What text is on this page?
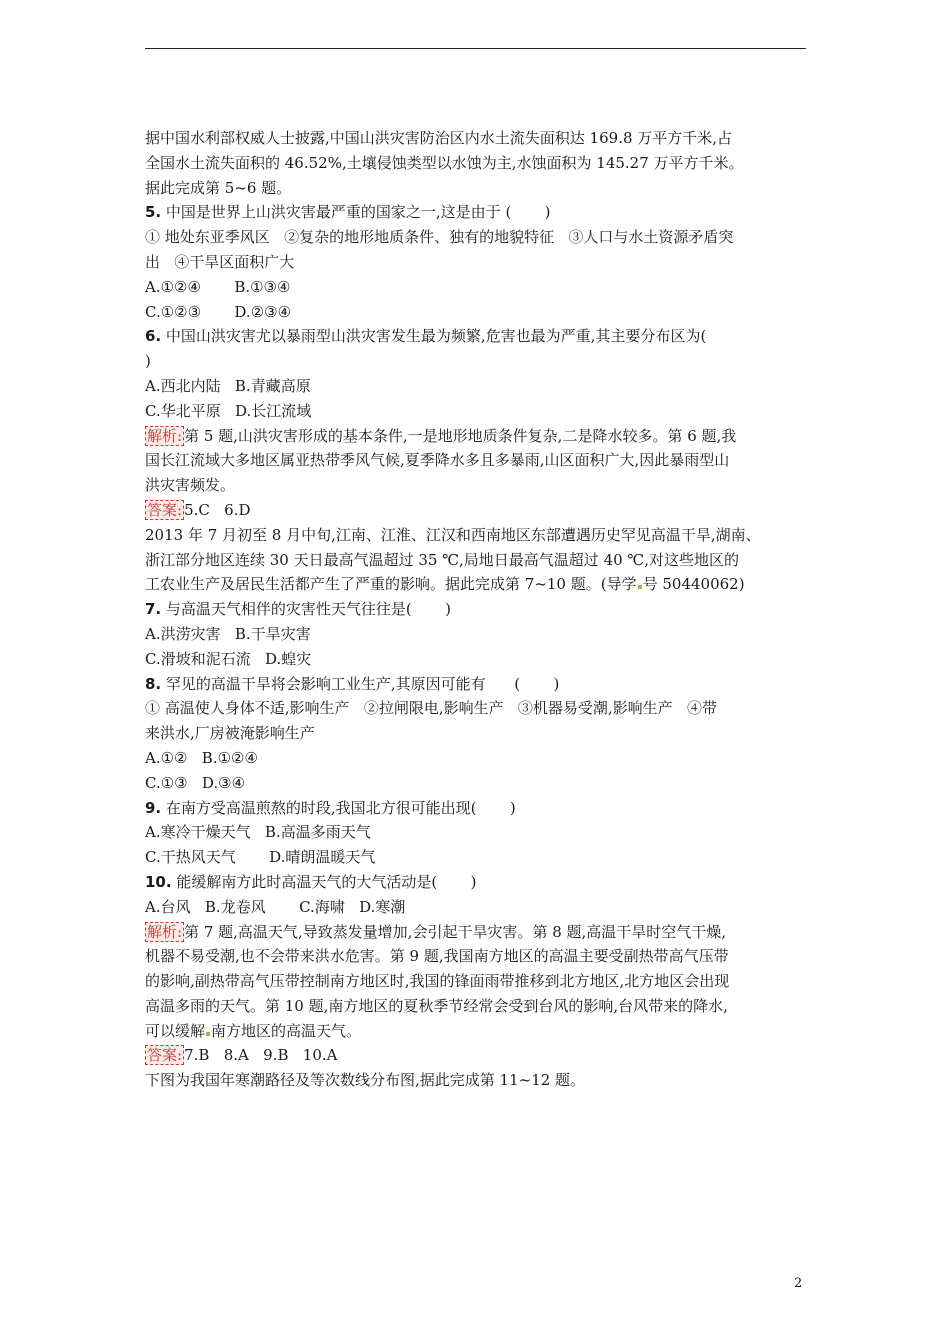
据中国水利部权威人士披露,中国山洪灾害防治区内水土流失面积达 169.8 万平方千米,占
全国水土流失面积的 46.52%,土壤侵蚀类型以水蚀为主,水蚀面积为 145.27 万平方千米。
据此完成第 5~6 题。
5. 中国是世界上山洪灾害最严重的国家之一,这是由于 (       )
① 地处东亚季风区   ②复杂的地形地质条件、独有的地貌特征   ③人口与水土资源矛盾突
出   ④干旱区面积广大
A.①②④       B.①③④
C.①②③       D.②③④
6. 中国山洪灾害尤以暴雨型山洪灾害发生最为频繁,危害也最为严重,其主要分布区为(
)
A.西北内陆   B.青藏高原
C.华北平原   D.长江流域
解析: 第 5 题,山洪灾害形成的基本条件,一是地形地质条件复杂,二是降水较多。第 6 题,我
国长江流域大多地区属亚热带季风气候,夏季降水多且多暴雨,山区面积广大,因此暴雨型山
洪灾害频发。
答案: 5.C   6.D
2013 年 7 月初至 8 月中旬,江南、江淮、江汉和西南地区东部遭遇历史罕见高温干旱,湖南、
浙江部分地区连续 30 天日最高气温超过 35 ℃,局地日最高气温超过 40 ℃,对这些地区的
工农业生产及居民生活都产生了严重的影响。据此完成第 7~10 题。(导学 号 50440062)
7. 与高温天气相伴的灾害性天气往往是(       )
A.洪涝灾害   B.干旱灾害
C.滑坡和泥石流   D.蝗灾
8. 罕见的高温干旱将会影响工业生产,其原因可能有      (       )
① 高温使人身体不适,影响生产   ②拉闸限电,影响生产   ③机器易受潮,影响生产   ④带
来洪水,厂房被淹影响生产
A.①②   B.①②④
C.①③   D.③④
9. 在南方受高温煎熬的时段,我国北方很可能出现(       )
A.寒冷干燥天气   B.高温多雨天气
C.干热风天气       D.晴朗温暖天气
10. 能缓解南方此时高温天气的大气活动是(       )
A.台风   B.龙卷风       C.海啸   D.寒潮
解析: 第 7 题,高温天气,导致蒸发量增加,会引起干旱灾害。第 8 题,高温干旱时空气干燥,
机器不易受潮,也不会带来洪水危害。第 9 题,我国南方地区的高温主要受副热带高气压带
的影响,副热带高气压带控制南方地区时,我国的锋面雨带推移到北方地区,北方地区会出现
高温多雨的天气。第 10 题,南方地区的夏秋季节经常会受到台风的影响,台风带来的降水,
可以缓解 南方地区的高温天气。
答案: 7.B   8.A   9.B   10.A
下图为我国年寒潮路径及等次数线分布图,据此完成第 11~12 题。
2
